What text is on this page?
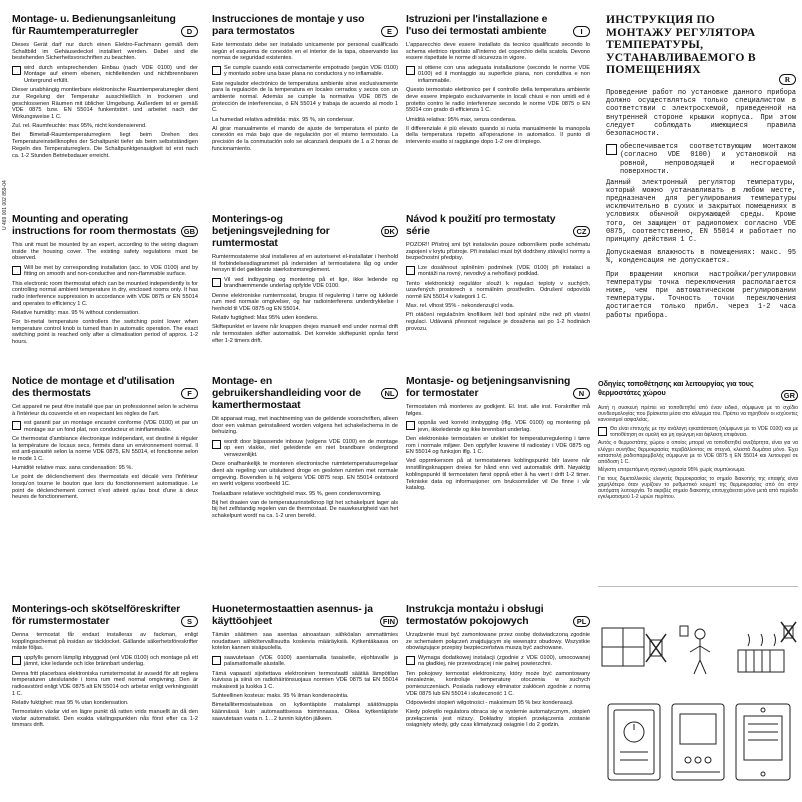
U 469 001 002 859-04
Montage- u. Bedienungsanleitung für Raumtemperaturregler	D
Dieses Gerät darf nur durch einen Elektro-Fachmann gemäß dem Schaltbild im Gehäusedeckel installiert werden. Dabei sind die bestehenden Sicherheitsvorschriften zu beachten.
wird durch entsprechenden Einbau (nach VDE 0100) und der Montage auf einem ebenen, nichtleitenden und nichtbrennbaren Untergrund erfüllt.
Dieser unabhängig montierbare elektronische Raumtemperaturregler dient zur Regelung der Temperatur ausschließlich in trockenen und geschlossenen Räumen mit üblicher Umgebung. Außerdem ist er gemäß VDE 0875 bzw. EN 55014 funkentstört und arbeitet nach der Wirkungsweise 1 C.
Zul. rel. Raumfeuchte: max 95%, nicht kondensierend.
Bei Bimetall-Raumtemperaturreglern liegt beim Drehen des Temperatureinstellknopfes der Schaltpunkt tiefer als beim selbstständigen Regeln des Temperaturreglers. Die Schaltpunktgenauigkeit ist erst nach ca. 1-2 Stunden Betriebsdauer erreicht.
Instrucciones de montaje y uso para termostatos	E
Este termostato debe ser instalado unicamente por personal cualificado según el esquema de conexión en el interior de la tapa, observando las normas de seguridad existentes.
Se cumple cuando está correctamente empotrado (según VDE 0100) y montado sobre una base plana no conductora y no inflamable.
Este regulador electrónico de temperatura ambiente sirve exclusivamente para la regulación de la temperatura en locales cerrados y secos con un ambiente normal. Además se cumple la normativa VDE 0875 de protección de interferencias, ó EN 55014 y trabaja de acuerdo al modo 1 C.
La humedad relativa admitida: máx. 95 %, sin condensar.
Al girar manualmente el mando de ajuste de temperatura el punto de conexión es más bajo que de regulación por el mismo termostato. La precisión de la conmutación solo se alcanzará después de 1 a 2 horas de funcionamiento.
Istruzioni per l'installazione e l'uso dei termostati ambiente	I
L'apparecchio deve essere installato da tecnico qualificato secondo lo schema elettrico riportato all'interno del coperchio della scatola. Devono essere rispettate le norme di sicurezza in vigore.
si ottiene con una adeguata installazione (secondo le norme VDE 0100) ed il montaggio su superficie piana, non conduttiva e non infiammabile.
Questo termostato elettronico per il controllo della temperatura ambiente deve essere impiegato esclusivamente in locali chiusi e non umidi ed è protetto contro le radio interferenze secondo le norme VDE 0875 o EN 55014 con grado di efficienza 1 C.
Umidità relativa: 95% max, senza condensa.
Il differenziale è più elevato quando si ruota manualmente la manopola della temperatura rispetto all'operazione in automatico. Il punto di intervento esatto si raggiunge dopo 1-2 ore di impiego.
ИНСТРУКЦИЯ ПО МОНТАЖУ РЕГУЛЯТОРА ТЕМПЕРАТУРЫ, УСТАНАВЛИВАЕМОГО В ПОМЕЩЕНИЯХ
R
Проведение работ по установке данного прибора должно осуществляться только специалистом в соответствии с электросхемой, приведенной на внутренней стороне крышки корпуса. При этом следует соблюдать имеющиеся правила безопасности.
обеспечивается соответствующим монтажом (согласно VDE 0100) и установкой на ровной, непроводящей и несгораемой поверхности.
Данный электронный регулятор температуры, который можно устанавливать в любом месте, предназначен для регулирования температуры исключительно в сухих и закрытых помещениях в условиях обычной окружающей среды. Кроме того, он защищен от радиопомех согласно VDE 0875, соответственно, EN 55014 и работает по принципу действия 1 C.
Допускаемая влажность в помещениях: макс. 95 %, конденсация не допускается.
При вращении кнопки настройки/регулировки температуры точка переключения располагается ниже, чем при автоматическом регулировании температуры. Точность точки переключения достигается только прибл. через 1-2 часа работы прибора.
Mounting and operating instructions for room thermostats	GB
This unit must be mounted by an expert, according to the wiring diagram inside the housing cover. The existing safety regulations must be observed.
Will be met by corresponding installation (acc. to VDE 0100) and by fitting on smooth and non-conductive and non-flammable surface.
This electronic room thermostat which can be mounted independently is for controlling normal ambient temperature in dry, enclosed rooms only. It has radio interference suppression in accordance with VDE 0875 or EN 55014 and operates to efficiency 1 C.
Relative humidity: max. 95 % without condensation.
For bi-metal temperature controllers the switching point lower when temperature control knob is turned than in automatic operation. The exact switching point is reached only after a climatisation period of approx. 1-2 hours.
Monterings-og betjeningsvejledning for rumtermostat
DK
Rumtermostaterne skal installeres af en autoriseret el-installatør i henhold til forbindelsesdiagrammet på indersiden af termostatens låg og under hensyn til det gældende stærkstrømsreglement.
Vil ved indbygning og montering på et lige, ikke ledende og brandhæmmende underlag opfylde VDE 0100.
Denne elektroniske rumtermostat, brugss til regulering i tørre og lukkede rum med normale omgivelser, og har radiointerferens underdrykkelse i henhold til VDE 0875 og EN 55014.
Relativ fugtighed: Max 95% uden kondens.
Skiftepunktet er lavere når knappen drejes manuelt end under normal drift når termostaten skifter automatisk. Det korrekte skiftepunkt opnås først efter 1-2 timers drift.
Návod k použití pro termostaty série	CZ
POZOR!! Přístroj smí být instalován pouze odborníkem podle schématu zapojení v krytu přístroje. Při instalaci musí být dodrženy stávající normy a bezpečnostní předpisy.
Lze dosáhnout splněním podmínek (VDE 0100) při instalaci a montáži na rovný, nevodivý a nehořlavý podklad.
Tento elektronický regulátor slouží k regulaci teploty v suchých, uzavřených prostorech s normálním prostředím. Odrušení odpovídá normě EN 55014 v kategorii 1 C.
Max. rel. vlhost 95% - nekondenzující voda.
Při otáčení regulačním knoflíkem leží bod spínání níže než při vlastní regulaci. Udávaná přesnost regulace je dosažena asi po 1-2 hodinách provozu.
Notice de montage et d'utilisation des thermostats	F
Cet appareil ne peut être installé que par un professionnel selon le schéma à l'intérieur du couvercle et en respectant les règles de l'art.
est garanti par un montage encastré conforme (VDE 0100) et par un montage sur un fond plat, non conducteur et ininflammable.
Ce thermostat d'ambiance électronique indépendant, est destiné à réguler la température de locaux secs, fermés dans un environnement normal. Il est anti-parasité selon la norme VDE 0875, EN 55014, et fonctionne selon le mode 1 C.
Humidité relative max. sans condensation: 95 %.
Le point de déclenchement des thermostats est décalé vers l'inférieur lorsqu'on tourne le bouton que lors du fonctionnement automatique. Le point de déclenchement correct n'est atteint qu'au bout d'une à deux heures de fonctionnement.
Montage- en gebruikershandleiding voor de kamerthermostaat
NL
Dit apparaat mag, met inachtneming van de geldende voorschriften, alleen door een vakman geinstalleerd worden volgens het schakelschema in de behuizing.
wordt door bijpassende inbouw (volgens VDE 0100) en de montage op een vlakke, niet geleidende en niet brandbare ondergrond verwezenlijkt.
Deze onafhankelijk te monteren electronische ruimtetemperatuurregelaar dient als regeling van uitsluitend droge en gesloten ruimten met normale omgeving. Bovendien is hij volgens VDE 0875 resp. EN 55014 ontstoord en werkt volgens voorbeeld 1C.
Toelaatbare relatieve vochtigheid max. 95 %, geen condensvorming.
Bij het draaien van de temperatuurinstelknop ligt het schakelpunt lager als bij het zelfstandig regelen van de thermostaat. De nauwkeurigheid van het schakelpunt wordt na ca. 1-2 uren bereikt.
Montasje- og betjeningsanvisning for termostater	N
Termostaten må monteres av godkjent. El. Inst. alle inst. Forskrifter må følges.
oppnås ved korrekt innbygging (iflg. VDE 0100) og montering på jevn, ikkeledende og ikke brennbart underlag.
Den elektroniske termostaten er utviklet for temperaturregulering i tørre rom i normale miljøer. Den oppfyller kravene til radiostøy i VDE 0875 og EN 55014 og funksjon iflg. 1 C.
Ved opprmkersom på at termostatenes koblingspunkt blir lavere når innstillingsknappen dreies for hånd enn ved automatisk drift. Nøyaktig koblingspunkt til termostaten først oppnå etter å ha vært i drift 1-2 timer. Tekniske data og informasjoner om bruksområder vil De finne i vår katalog.
Monterings-och skötselföreskrifter för rumstermostater	S
Denna termostat får endast installeras av fackman, enligt kopplingsschemat på insidan av täcklocket. Gällande säkerhetsföreskrifter måste följas.
uppfylls genom lämplig inbyggnad (enl VDE 0100) och montage på ett jämnt, icke ledande och icke brännbart underlag.
Denna fritt placerbara elektroniska rumstermostat är avsedd för att reglera temperaturen uteslutande i torra rum med normal omgivning. Den är radioavstörd enligt VDE 0875 alt EN 55014 och arbetar enligt verkningssätt 1 C.
Relativ fuktighet: max 95 % utan kondensation.
Termostaten växlar vid en lägre punkt då ratten vrids manuellt än då den växlar automatiskt. Den exakta växlingspunkten nås först efter ca 1-2 timmars drift.
Huonetermostaattien asennus- ja käyttöohjeet	FIN
Tämän säätimen saa asentaa ainoastaan sähköalan ammattimies noudattaen sähkötervallisuutta koskevia määräyksiä. Kytkentäkaava on kotelon kannen sisäpuolella.
saavutetaan (VDE 0100) asentamalla tasaiselle, eijohtavalle ja palamattomalle alustalle.
Tämä vapaasti sijoitettava elektroninen termostaatti säätää lämpötilan kuivissa ja siinä on radiohäiriönsuojaus normien VDE 0875 tai EN 55014 mukaisesti ja luokka 1 C.
Suhteellinen kosteus: maks. 95 % ilman kondensointia.
Bimetallitermostaateissa on kytkentäpiste matalampi säätönuppia käännässä kuin automaattisessa toiminnassa. Oikea kytkentäpiste saavutetaan vasta n. 1…2 tunnin käytön jälkeen.
Instrukcja montażu i obsługi termostatów pokojowych	PL
Urządzenie musi być zamontowane przez osobę doświadczoną zgodnie ze schematem połączeń znajdującym się wewnątrz obudowy. Wszystkie obowiązujące przepisy bezpieczeństwa muszą być zachowane.
Wymaga dodatkowej instalacji (zgodnie z VDE 0100), umocowanej na gładkiej, nie przewodzącej i nie palnej powierzchni.
Ten pokojowy termostat elektroniczny, który może być zamontowany niezależnie, kontroluje temperaturę otoczenia w suchych pomieszczeniach. Posiada radiowy eliminator zakłóceń zgodnie z normą VDE 0875 lub EN 55014 i skuteczność 1 C.
Odpowiedni stopień wilgotności - maksimum 95 % bez kondensacji.
Kiedy pokrętło regulatora obraca się w systemie automatycznym, stopień przełączenia jest niższy. Dokładny stopień przełączenia zostanie osiągnięty wtedy, gdy czas klimatyzacji osiągnie l do 2 godzin.
Οδηγίες τοποθέτησης και λειτουργίας για τους θερμοστάτες χώρου	GR
Αυτή η συσκευή πρέπει να τοποθετηθεί από έναν ειδικό, σύμφωνα με το σχέδιο συνδεσμολογίας που βρίσκεται μέσα στο κάλυμμα του. Πρέπει να τηρηθούν οι ισχύοντες κανονισμοί ασφαλείας.
Θα είναι επιτυχής με την ανάλογη εγκατάσταση (σύμφωνα με το VDE 0100) και με τοποθέτηση σε ομαλή και μη αγώγιμη και άφλεκτη επιφάνεια.
Αυτός ο θερμοστάτης χώρου ο οποίος μπορεί να τοποθετηθεί ανεξάρτητα, είναι για να ελέγχει συνήθεις θερμοκρασίες περιβάλλοντος σε στεγνά, κλειστά δωμάτια μόνο. Έχει καταστολή ραδιοπαρεμβολής σύμφωνα με το VDE 0875 ή EN 55014 και λειτουργεί σε απόδοση 1 C.
Μέγιστη επιτρεπόμενη σχετική υγρασία 95% χωρίς συμπύκνωμα.
Για τους διμεταλλικούς ελεγκτές θερμοκρασίας το σημείο διακοπής της επαφής είναι χαμηλότερο όταν γυρίζουν το ρυθμιστικό κουμπί της θερμοκρασίας από ότι στην αυτόματη λειτουργία. Το ακριβές σημείο διακοπής επιτυγχάνεται μόνο μετά από περίοδο εγκλιματισμού 1-2 ωρών περίπου.
